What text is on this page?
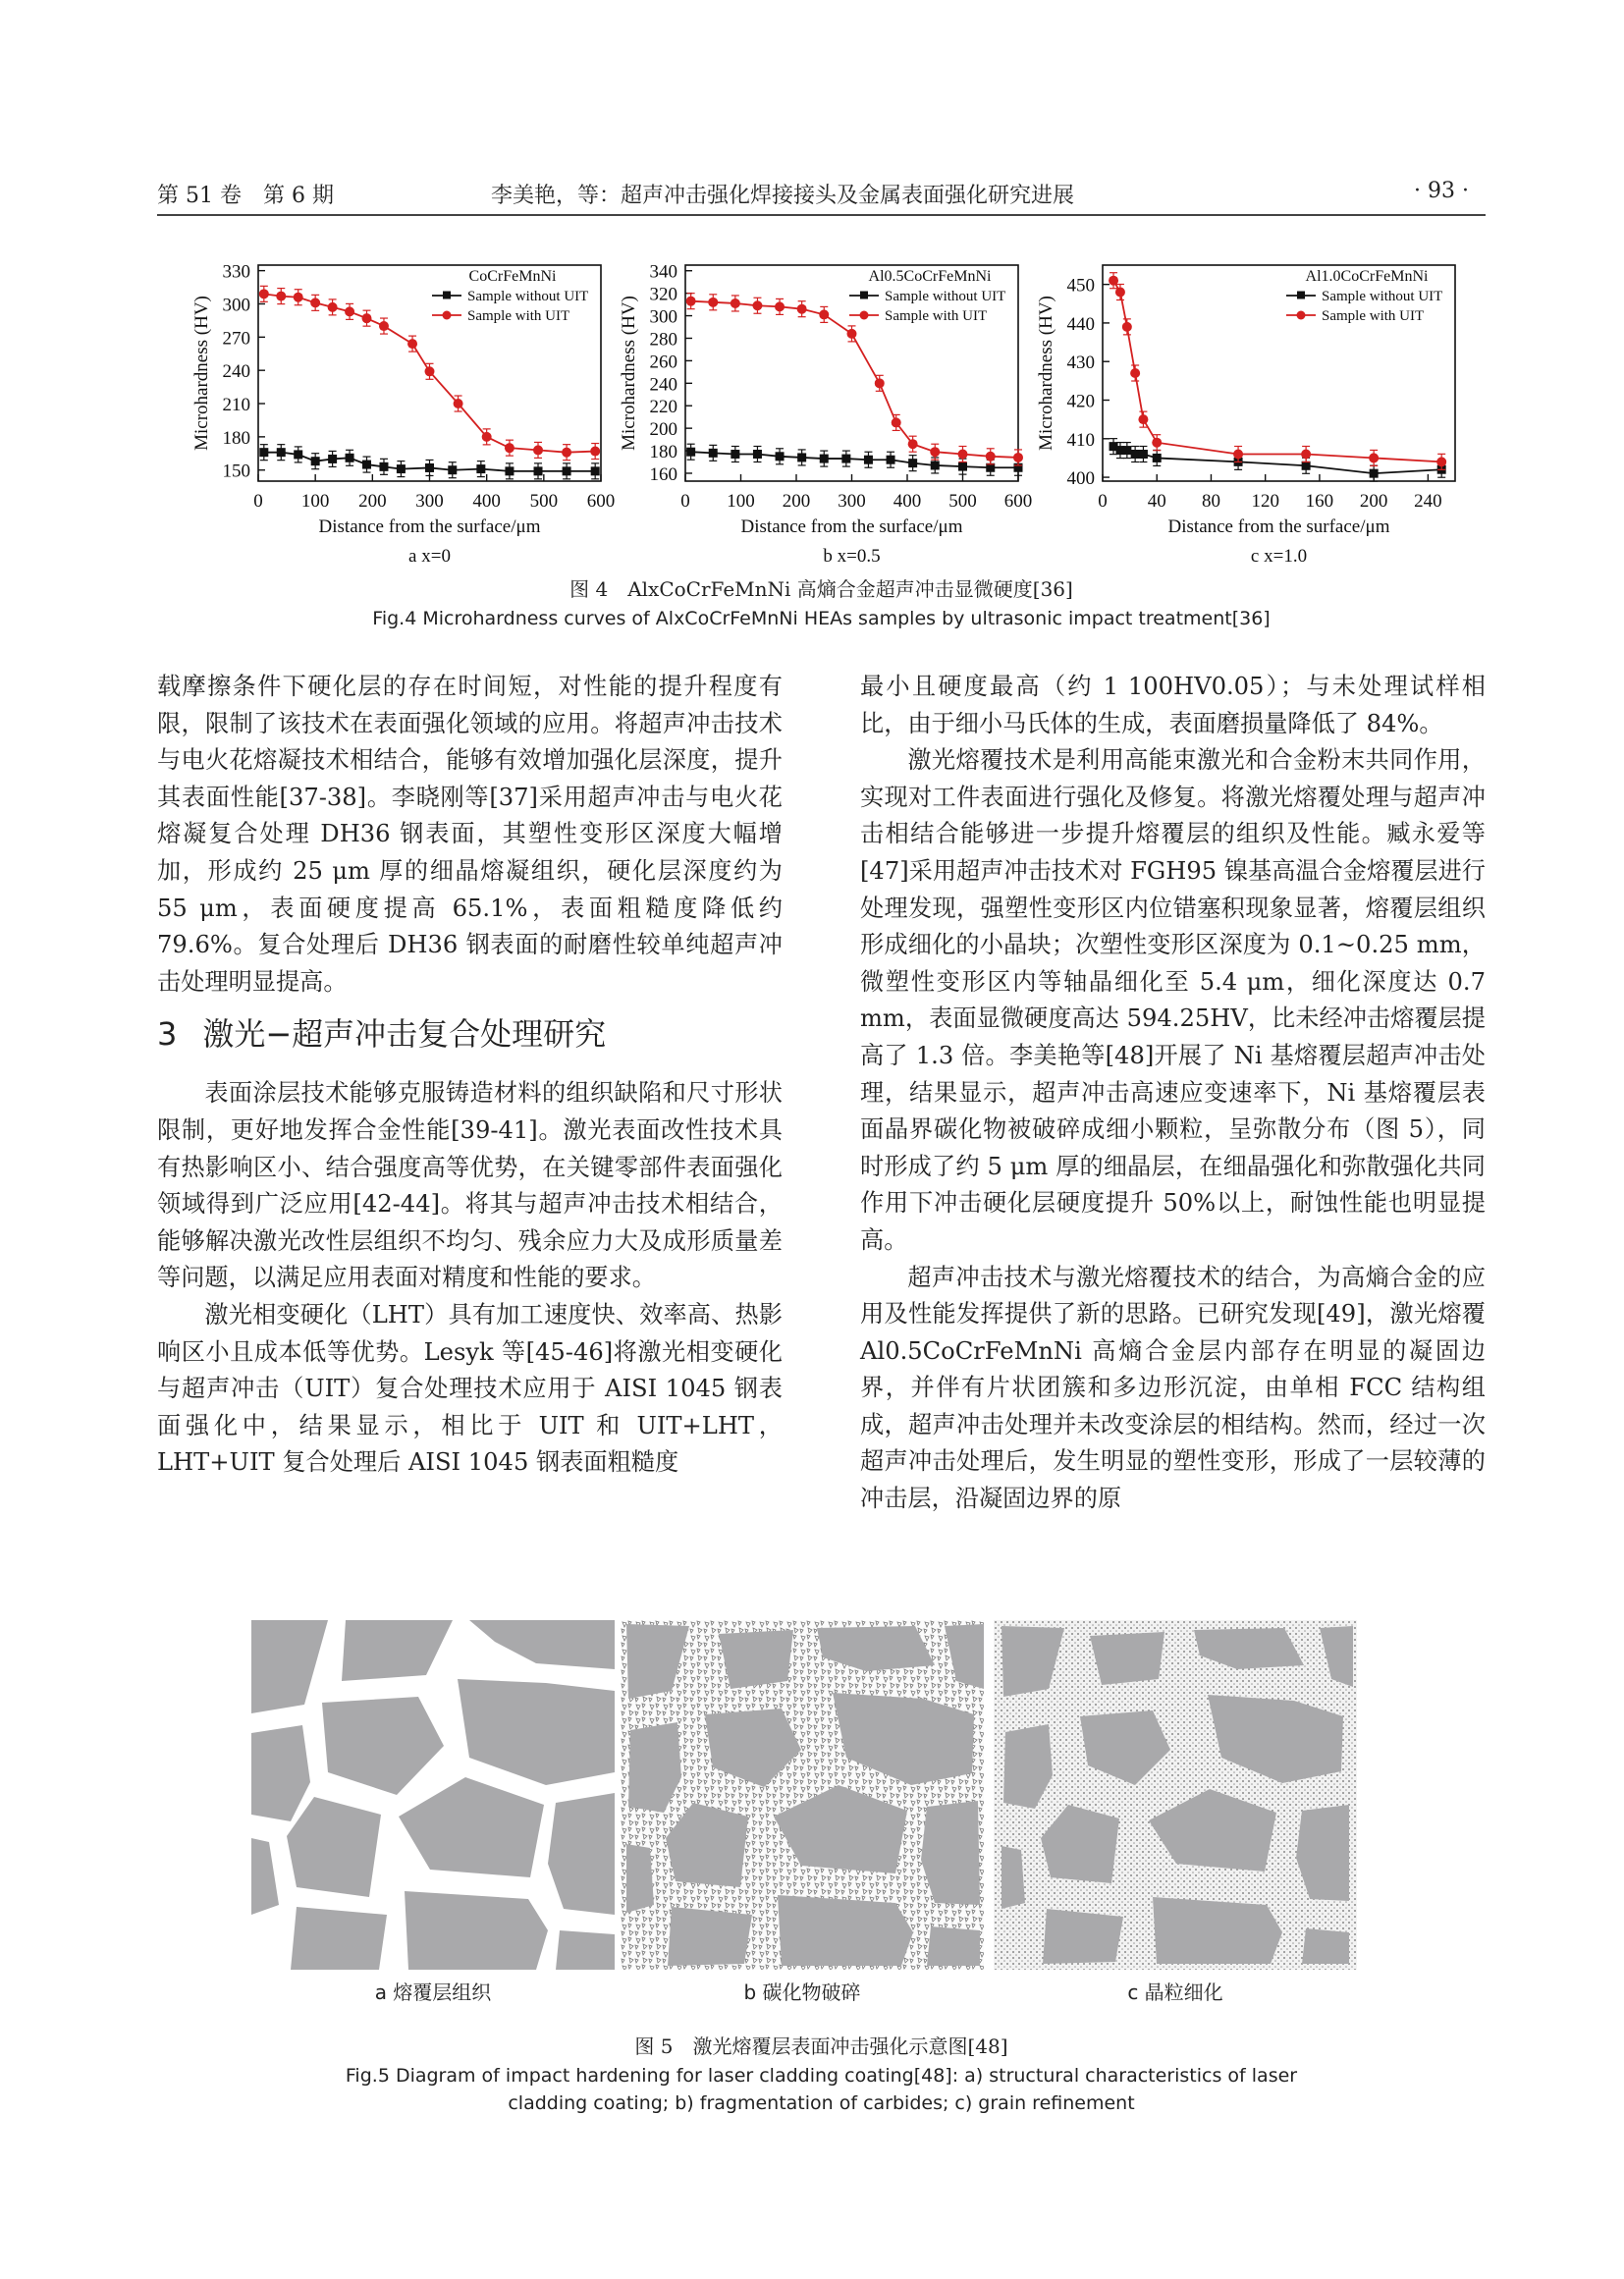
第 51 卷　第 6 期	李美艳，等：超声冲击强化焊接接头及金属表面强化研究进展	· 93 ·
0 100 200 300 400 500 600
150
180
210
240
270
300
330
Distance from the surface/μm
Microhardness (HV)
a x=0
CoCrFeMnNi
Sample without UIT
Sample with UIT
0 100 200 300 400 500 600
160
180
200
220
240
260
280
300
320
340
Distance from the surface/μm
Microhardness (HV)
b x=0.5
Al0.5CoCrFeMnNi
Sample without UIT
Sample with UIT
0 40 80 120 160 200 240
400
410
420
430
440
450
Distance from the surface/μm
Microhardness (HV)
c x=1.0
Al1.0CoCrFeMnNi
Sample without UIT
Sample with UIT
图 4　AlxCoCrFeMnNi 高熵合金超声冲击显微硬度[36]
Fig.4 Microhardness curves of AlxCoCrFeMnNi HEAs samples by ultrasonic impact treatment[36]

载摩擦条件下硬化层的存在时间短，对性能的提升程度有限，限制了该技术在表面强化领域的应用。将超声冲击技术与电火花熔凝技术相结合，能够有效增加强化层深度，提升其表面性能[37-38]。李晓刚等[37]采用超声冲击与电火花熔凝复合处理 DH36 钢表面，其塑性变形区深度大幅增加，形成约 25 μm 厚的细晶熔凝组织，硬化层深度约为 55 μm，表面硬度提高 65.1%，表面粗糙度降低约 79.6%。复合处理后 DH36 钢表面的耐磨性较单纯超声冲击处理明显提高。

3 激光−超声冲击复合处理研究

表面涂层技术能够克服铸造材料的组织缺陷和尺寸形状限制，更好地发挥合金性能[39-41]。激光表面改性技术具有热影响区小、结合强度高等优势，在关键零部件表面强化领域得到广泛应用[42-44]。将其与超声冲击技术相结合，能够解决激光改性层组织不均匀、残余应力大及成形质量差等问题，以满足应用表面对精度和性能的要求。

激光相变硬化（LHT）具有加工速度快、效率高、热影响区小且成本低等优势。Lesyk 等[45-46]将激光相变硬化与超声冲击（UIT）复合处理技术应用于 AISI 1045 钢表面强化中，结果显示，相比于 UIT 和 UIT+LHT，LHT+UIT 复合处理后 AISI 1045 钢表面粗糙度

最小且硬度最高（约 1 100HV0.05）；与未处理试样相比，由于细小马氏体的生成，表面磨损量降低了 84%。

激光熔覆技术是利用高能束激光和合金粉末共同作用，实现对工件表面进行强化及修复。将激光熔覆处理与超声冲击相结合能够进一步提升熔覆层的组织及性能。臧永爱等[47]采用超声冲击技术对 FGH95 镍基高温合金熔覆层进行处理发现，强塑性变形区内位错塞积现象显著，熔覆层组织形成细化的小晶块；次塑性变形区深度为 0.1~0.25 mm，微塑性变形区内等轴晶细化至 5.4 μm，细化深度达 0.7 mm，表面显微硬度高达 594.25HV，比未经冲击熔覆层提高了 1.3 倍。李美艳等[48]开展了 Ni 基熔覆层超声冲击处理，结果显示，超声冲击高速应变速率下，Ni 基熔覆层表面晶界碳化物被破碎成细小颗粒，呈弥散分布（图 5），同时形成了约 5 μm 厚的细晶层，在细晶强化和弥散强化共同作用下冲击硬化层硬度提升 50%以上，耐蚀性能也明显提高。

超声冲击技术与激光熔覆技术的结合，为高熵合金的应用及性能发挥提供了新的思路。已研究发现[49]，激光熔覆 Al0.5CoCrFeMnNi 高熵合金层内部存在明显的凝固边界，并伴有片状团簇和多边形沉淀，由单相 FCC 结构组成，超声冲击处理并未改变涂层的相结构。然而，经过一次超声冲击处理后，发生明显的塑性变形，形成了一层较薄的冲击层，沿凝固边界的原

a 熔覆层组织	b 碳化物破碎	c 晶粒细化
图 5　激光熔覆层表面冲击强化示意图[48]
Fig.5 Diagram of impact hardening for laser cladding coating[48]: a) structural characteristics of laser
cladding coating; b) fragmentation of carbides; c) grain refinement
